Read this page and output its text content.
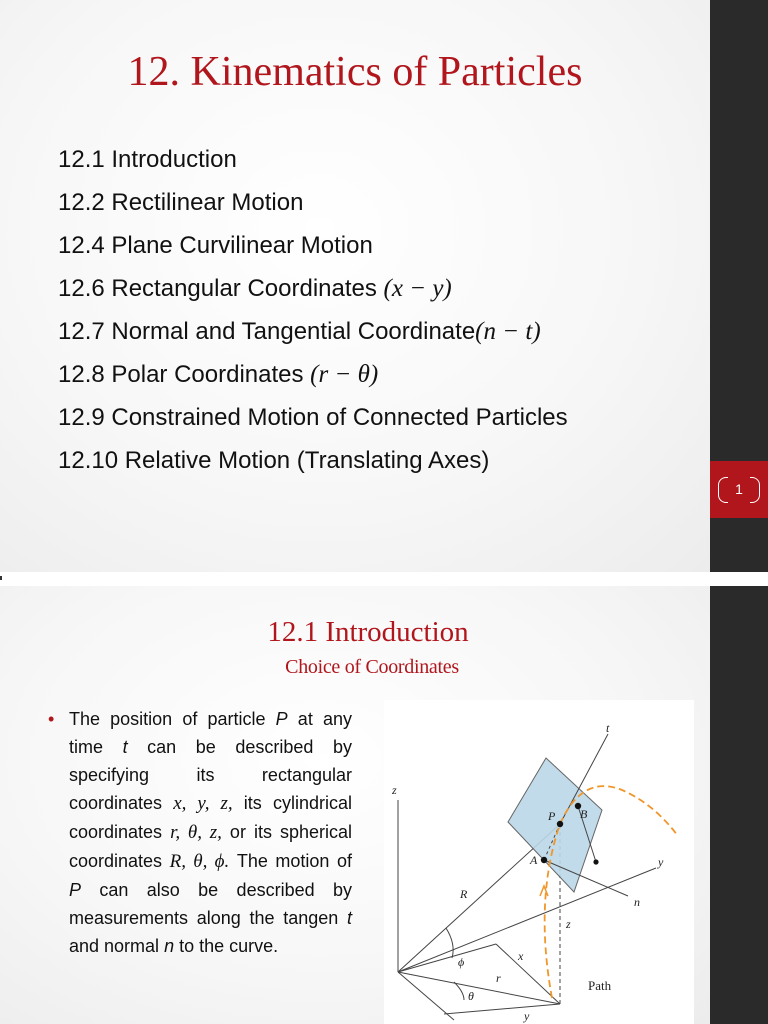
12. Kinematics of Particles
12.1 Introduction
12.2 Rectilinear Motion
12.4 Plane Curvilinear Motion
12.6 Rectangular Coordinates (x − y)
12.7 Normal and Tangential Coordinate(n − t)
12.8 Polar Coordinates (r − θ)
12.9 Constrained Motion of Connected Particles
12.10 Relative Motion (Translating Axes)
1
12.1 Introduction
Choice of Coordinates
• The position of particle P at any time t can be described by specifying its rectangular coordinates x, y, z, its cylindrical coordinates r, θ, z, or its spherical coordinates R, θ, ϕ. The motion of P can also be described by measurements along the tangen t and normal n to the curve.
z
t
y
n
P B
A
R
z
x
r
ϕ
θ
y
Path
